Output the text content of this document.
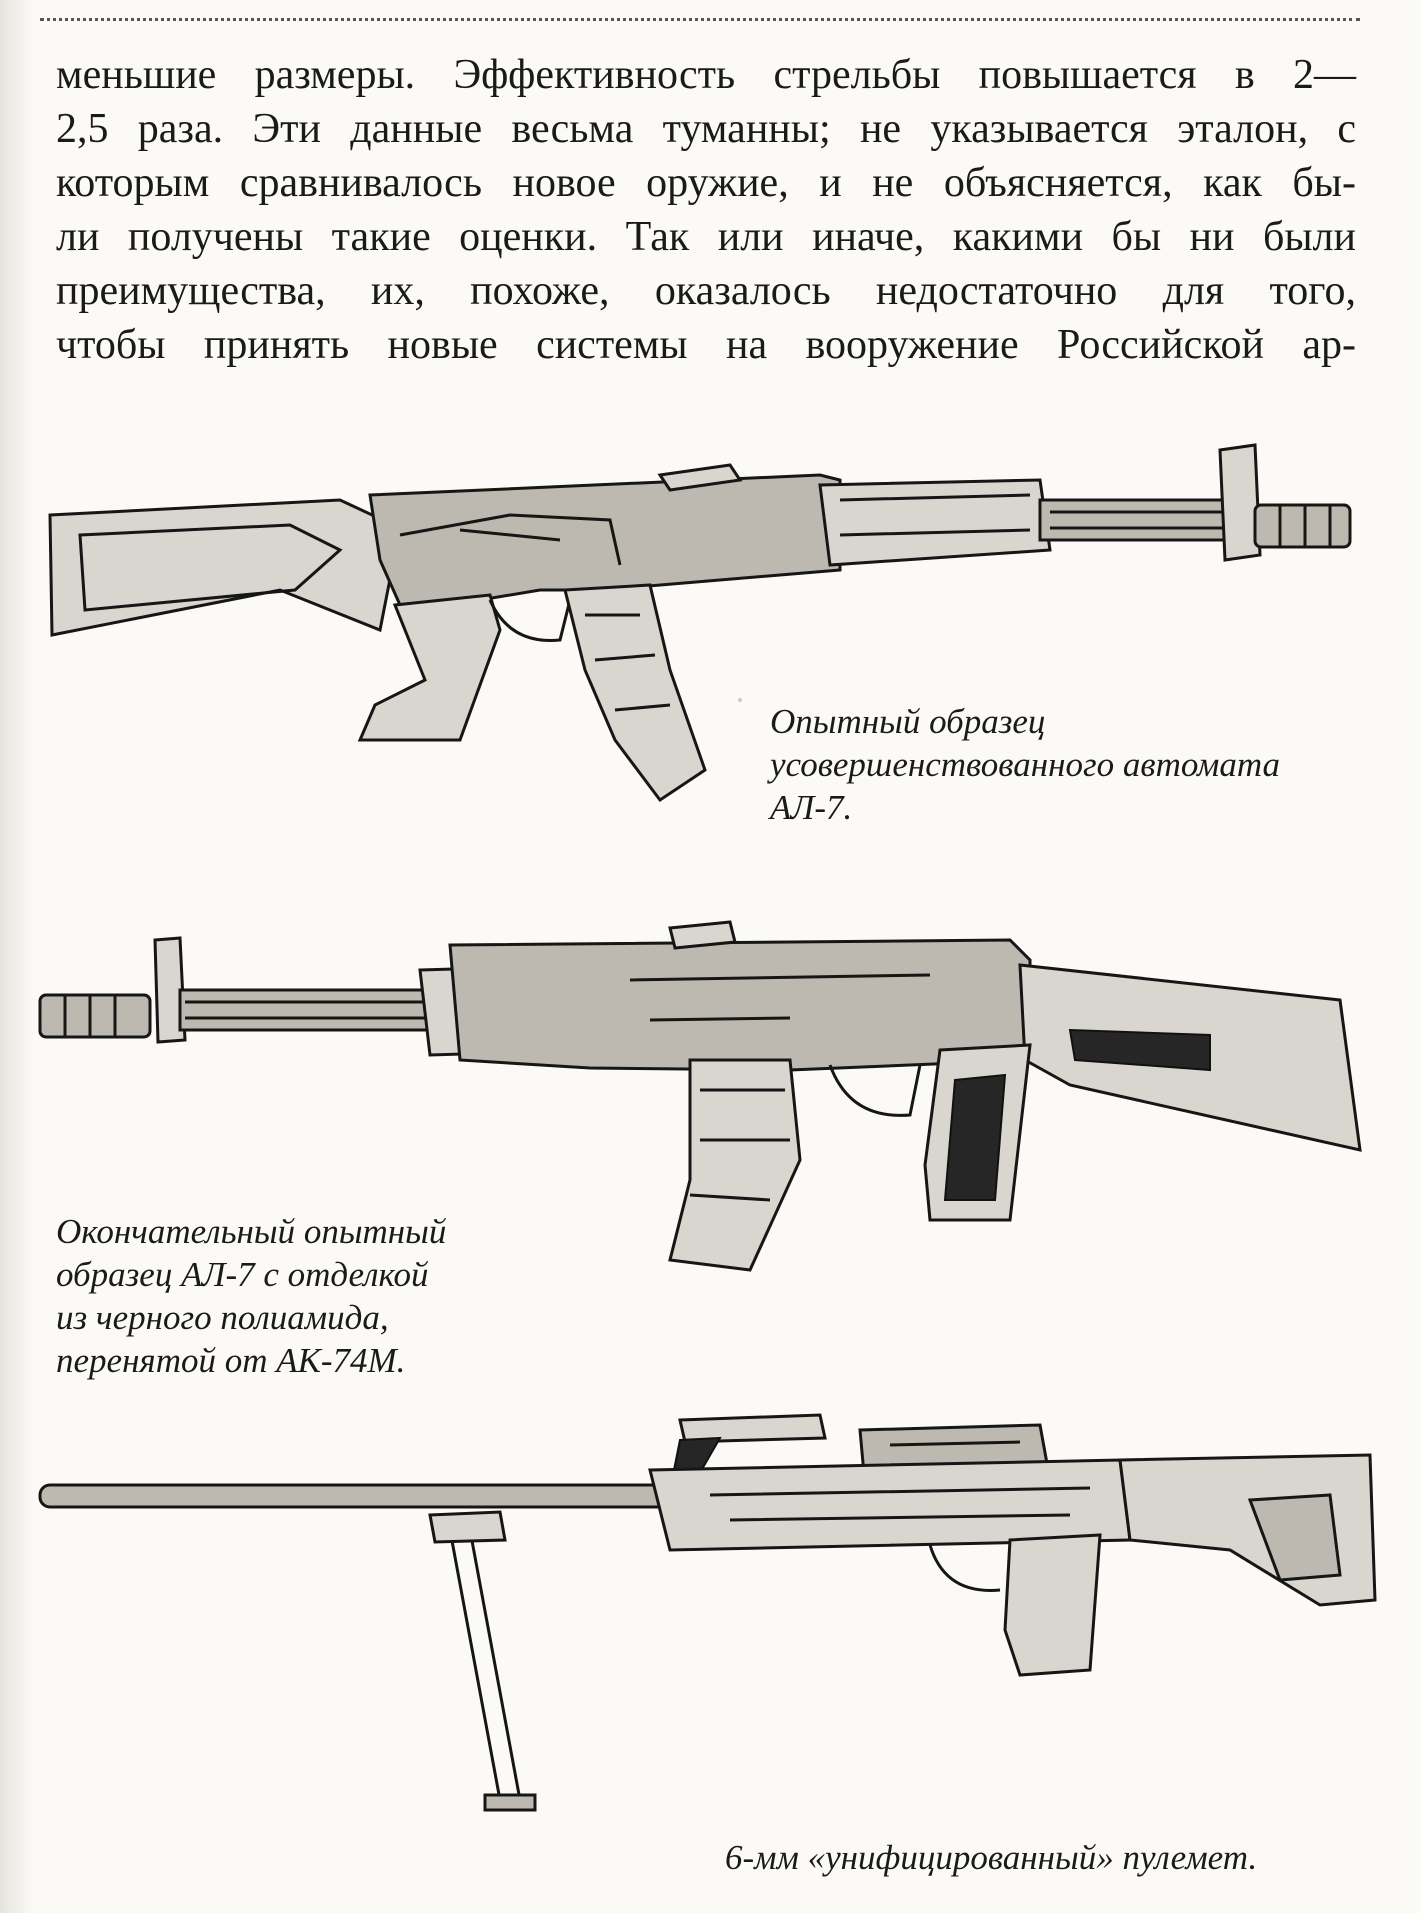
меньшие размеры. Эффективность стрельбы повышается в 2—
2,5 раза. Эти данные весьма туманны; не указывается эталон, с
которым сравнивалось новое оружие, и не объясняется, как бы-
ли получены такие оценки. Так или иначе, какими бы ни были
преимущества, их, похоже, оказалось недостаточно для того,
чтобы принять новые системы на вооружение Российской ар-

Опытный образец
усовершенствованного автомата
АЛ-7.

Окончательный опытный
образец АЛ-7 с отделкой
из черного полиамида,
перенятой от АК-74М.

6-мм «унифицированный» пулемет.
